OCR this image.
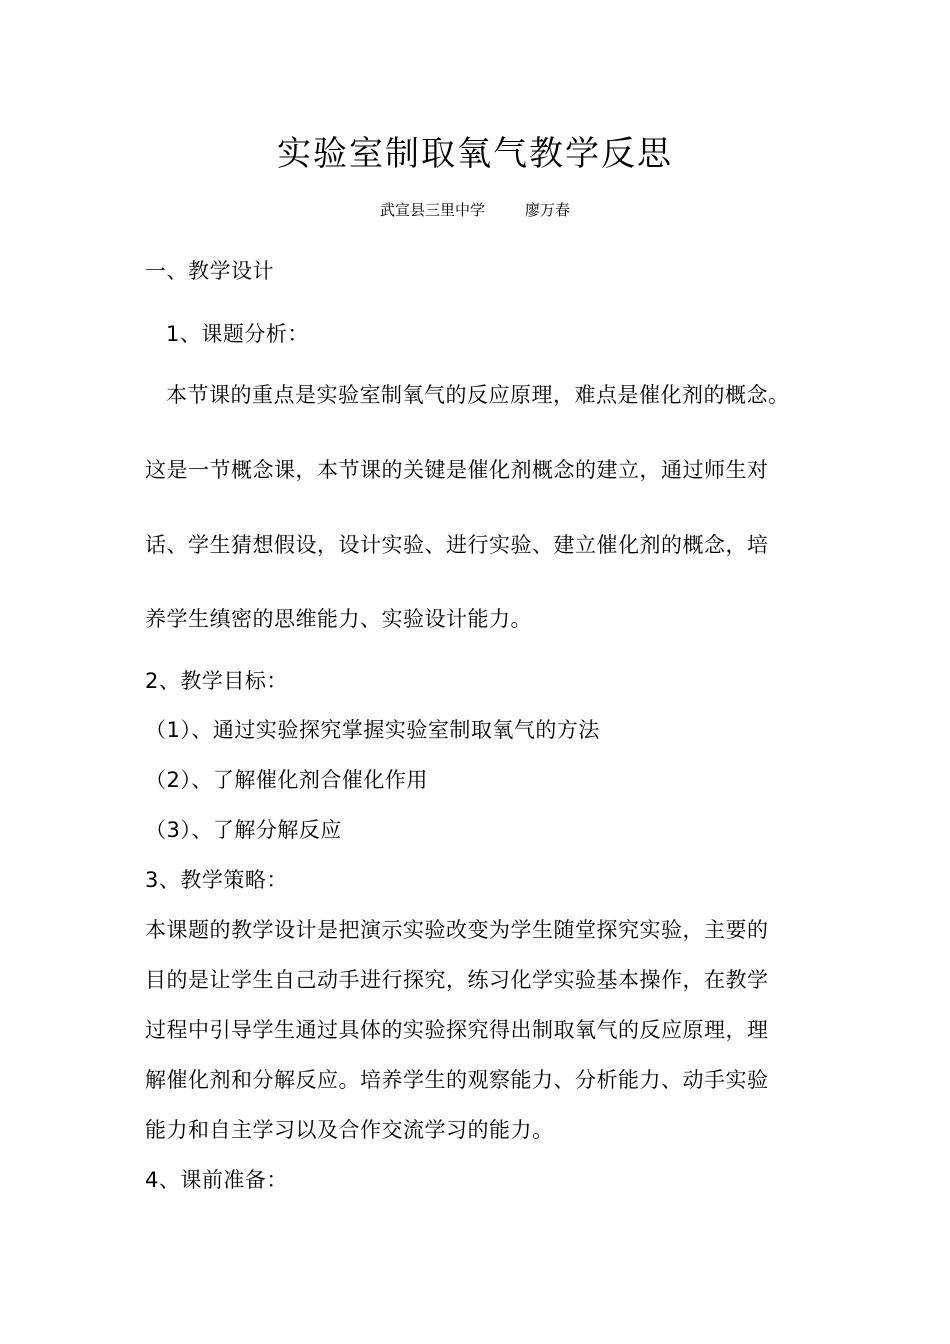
实验室制取氧气教学反思
武宣县三里中学	廖万春
一、教学设计
1、课题分析：
本节课的重点是实验室制氧气的反应原理，难点是催化剂的概念。
这是一节概念课，本节课的关键是催化剂概念的建立，通过师生对
话、学生猜想假设，设计实验、进行实验、建立催化剂的概念，培
养学生缜密的思维能力、实验设计能力。
2、教学目标：
（1）、通过实验探究掌握实验室制取氧气的方法
（2）、了解催化剂合催化作用
（3）、了解分解反应
3、教学策略：
本课题的教学设计是把演示实验改变为学生随堂探究实验，主要的
目的是让学生自己动手进行探究，练习化学实验基本操作，在教学
过程中引导学生通过具体的实验探究得出制取氧气的反应原理，理
解催化剂和分解反应。培养学生的观察能力、分析能力、动手实验
能力和自主学习以及合作交流学习的能力。
4、课前准备：
